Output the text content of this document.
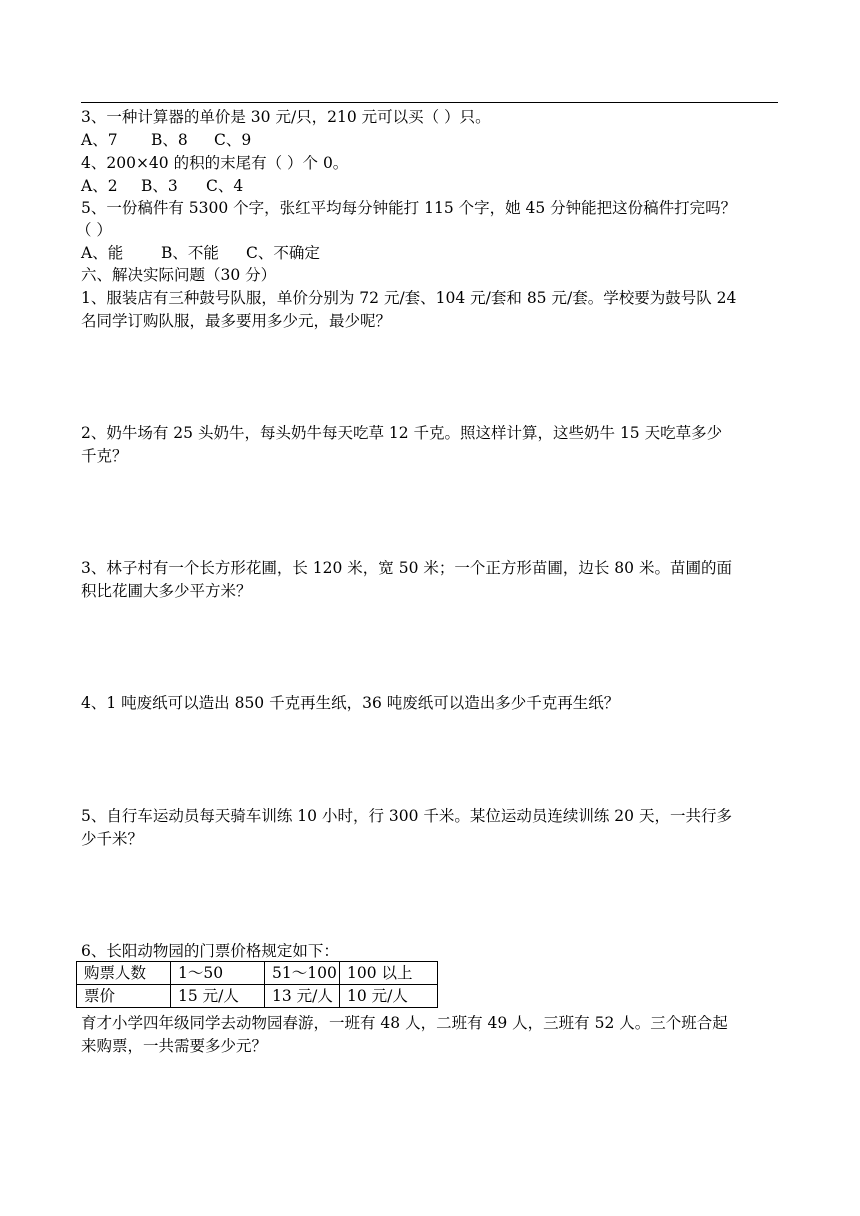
3、一种计算器的单价是 30 元/只，210 元可以买（ ）只。
A、7 B、8 C、9
4、200×40 的积的末尾有（ ）个 0。
A、2 B、3 C、4
5、一份稿件有 5300 个字，张红平均每分钟能打 115 个字，她 45 分钟能把这份稿件打完吗？
（ ）
A、能 B、不能 C、不确定
六、解决实际问题（30 分）
1、服装店有三种鼓号队服，单价分别为 72 元/套、104 元/套和 85 元/套。学校要为鼓号队 24
名同学订购队服，最多要用多少元，最少呢？
2、奶牛场有 25 头奶牛，每头奶牛每天吃草 12 千克。照这样计算，这些奶牛 15 天吃草多少
千克？
3、林子村有一个长方形花圃，长 120 米，宽 50 米；一个正方形苗圃，边长 80 米。苗圃的面
积比花圃大多少平方米？
4、1 吨废纸可以造出 850 千克再生纸，36 吨废纸可以造出多少千克再生纸？
5、自行车运动员每天骑车训练 10 小时，行 300 千米。某位运动员连续训练 20 天，一共行多
少千米？
6、长阳动物园的门票价格规定如下：
购票人数	1～50	51～100	100 以上
票价	15 元/人	13 元/人	10 元/人
育才小学四年级同学去动物园春游，一班有 48 人，二班有 49 人，三班有 52 人。三个班合起
来购票，一共需要多少元？
